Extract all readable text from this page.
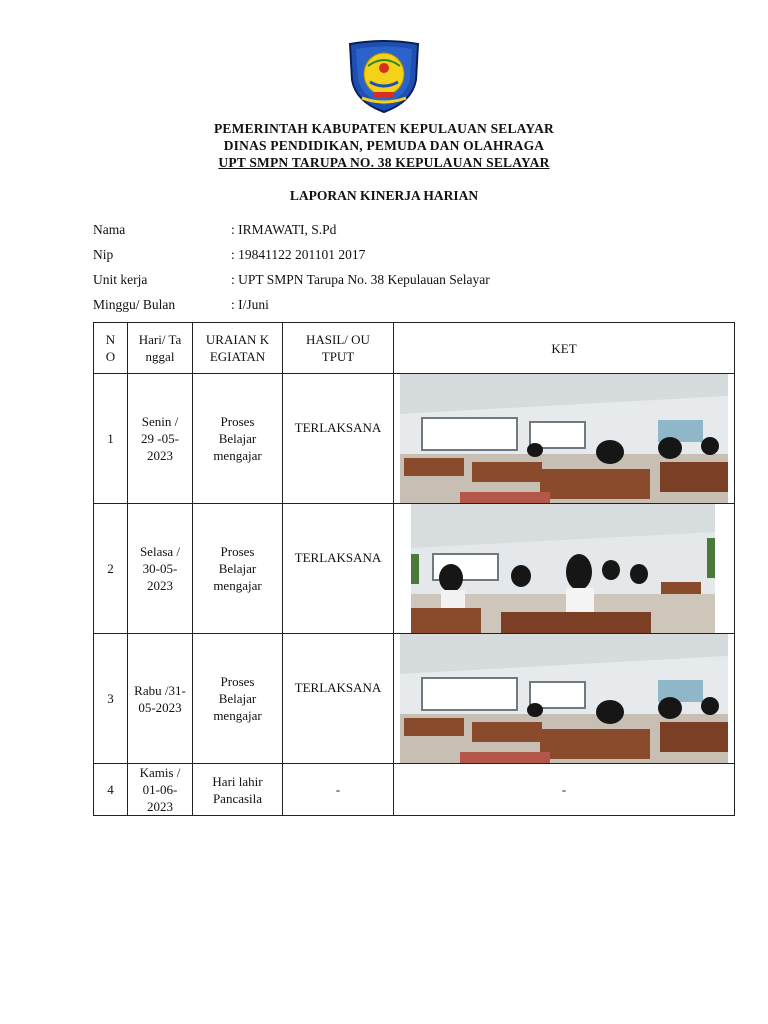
PEMERINTAH KABUPATEN KEPULAUAN SELAYAR
DINAS PENDIDIKAN, PEMUDA DAN OLAHRAGA
UPT SMPN TARUPA NO. 38 KEPULAUAN SELAYAR
LAPORAN KINERJA HARIAN
Nama	: IRMAWATI, S.Pd
Nip	: 19841122 201101 2017
Unit kerja	: UPT SMPN Tarupa No. 38 Kepulauan Selayar
Minggu/ Bulan	: I/Juni
NO	Hari/ Tanggal	URAIAN KEGIATAN	HASIL/ OUTPUT	KET
1	Senin / 29 -05-2023	Proses Belajar mengajar	TERLAKSANA

2	Selasa / 30-05-2023	Proses Belajar mengajar	TERLAKSANA

3	Rabu /31-05-2023	Proses Belajar mengajar	TERLAKSANA

4	Kamis / 01-06-2023	Hari lahir Pancasila	-	-
